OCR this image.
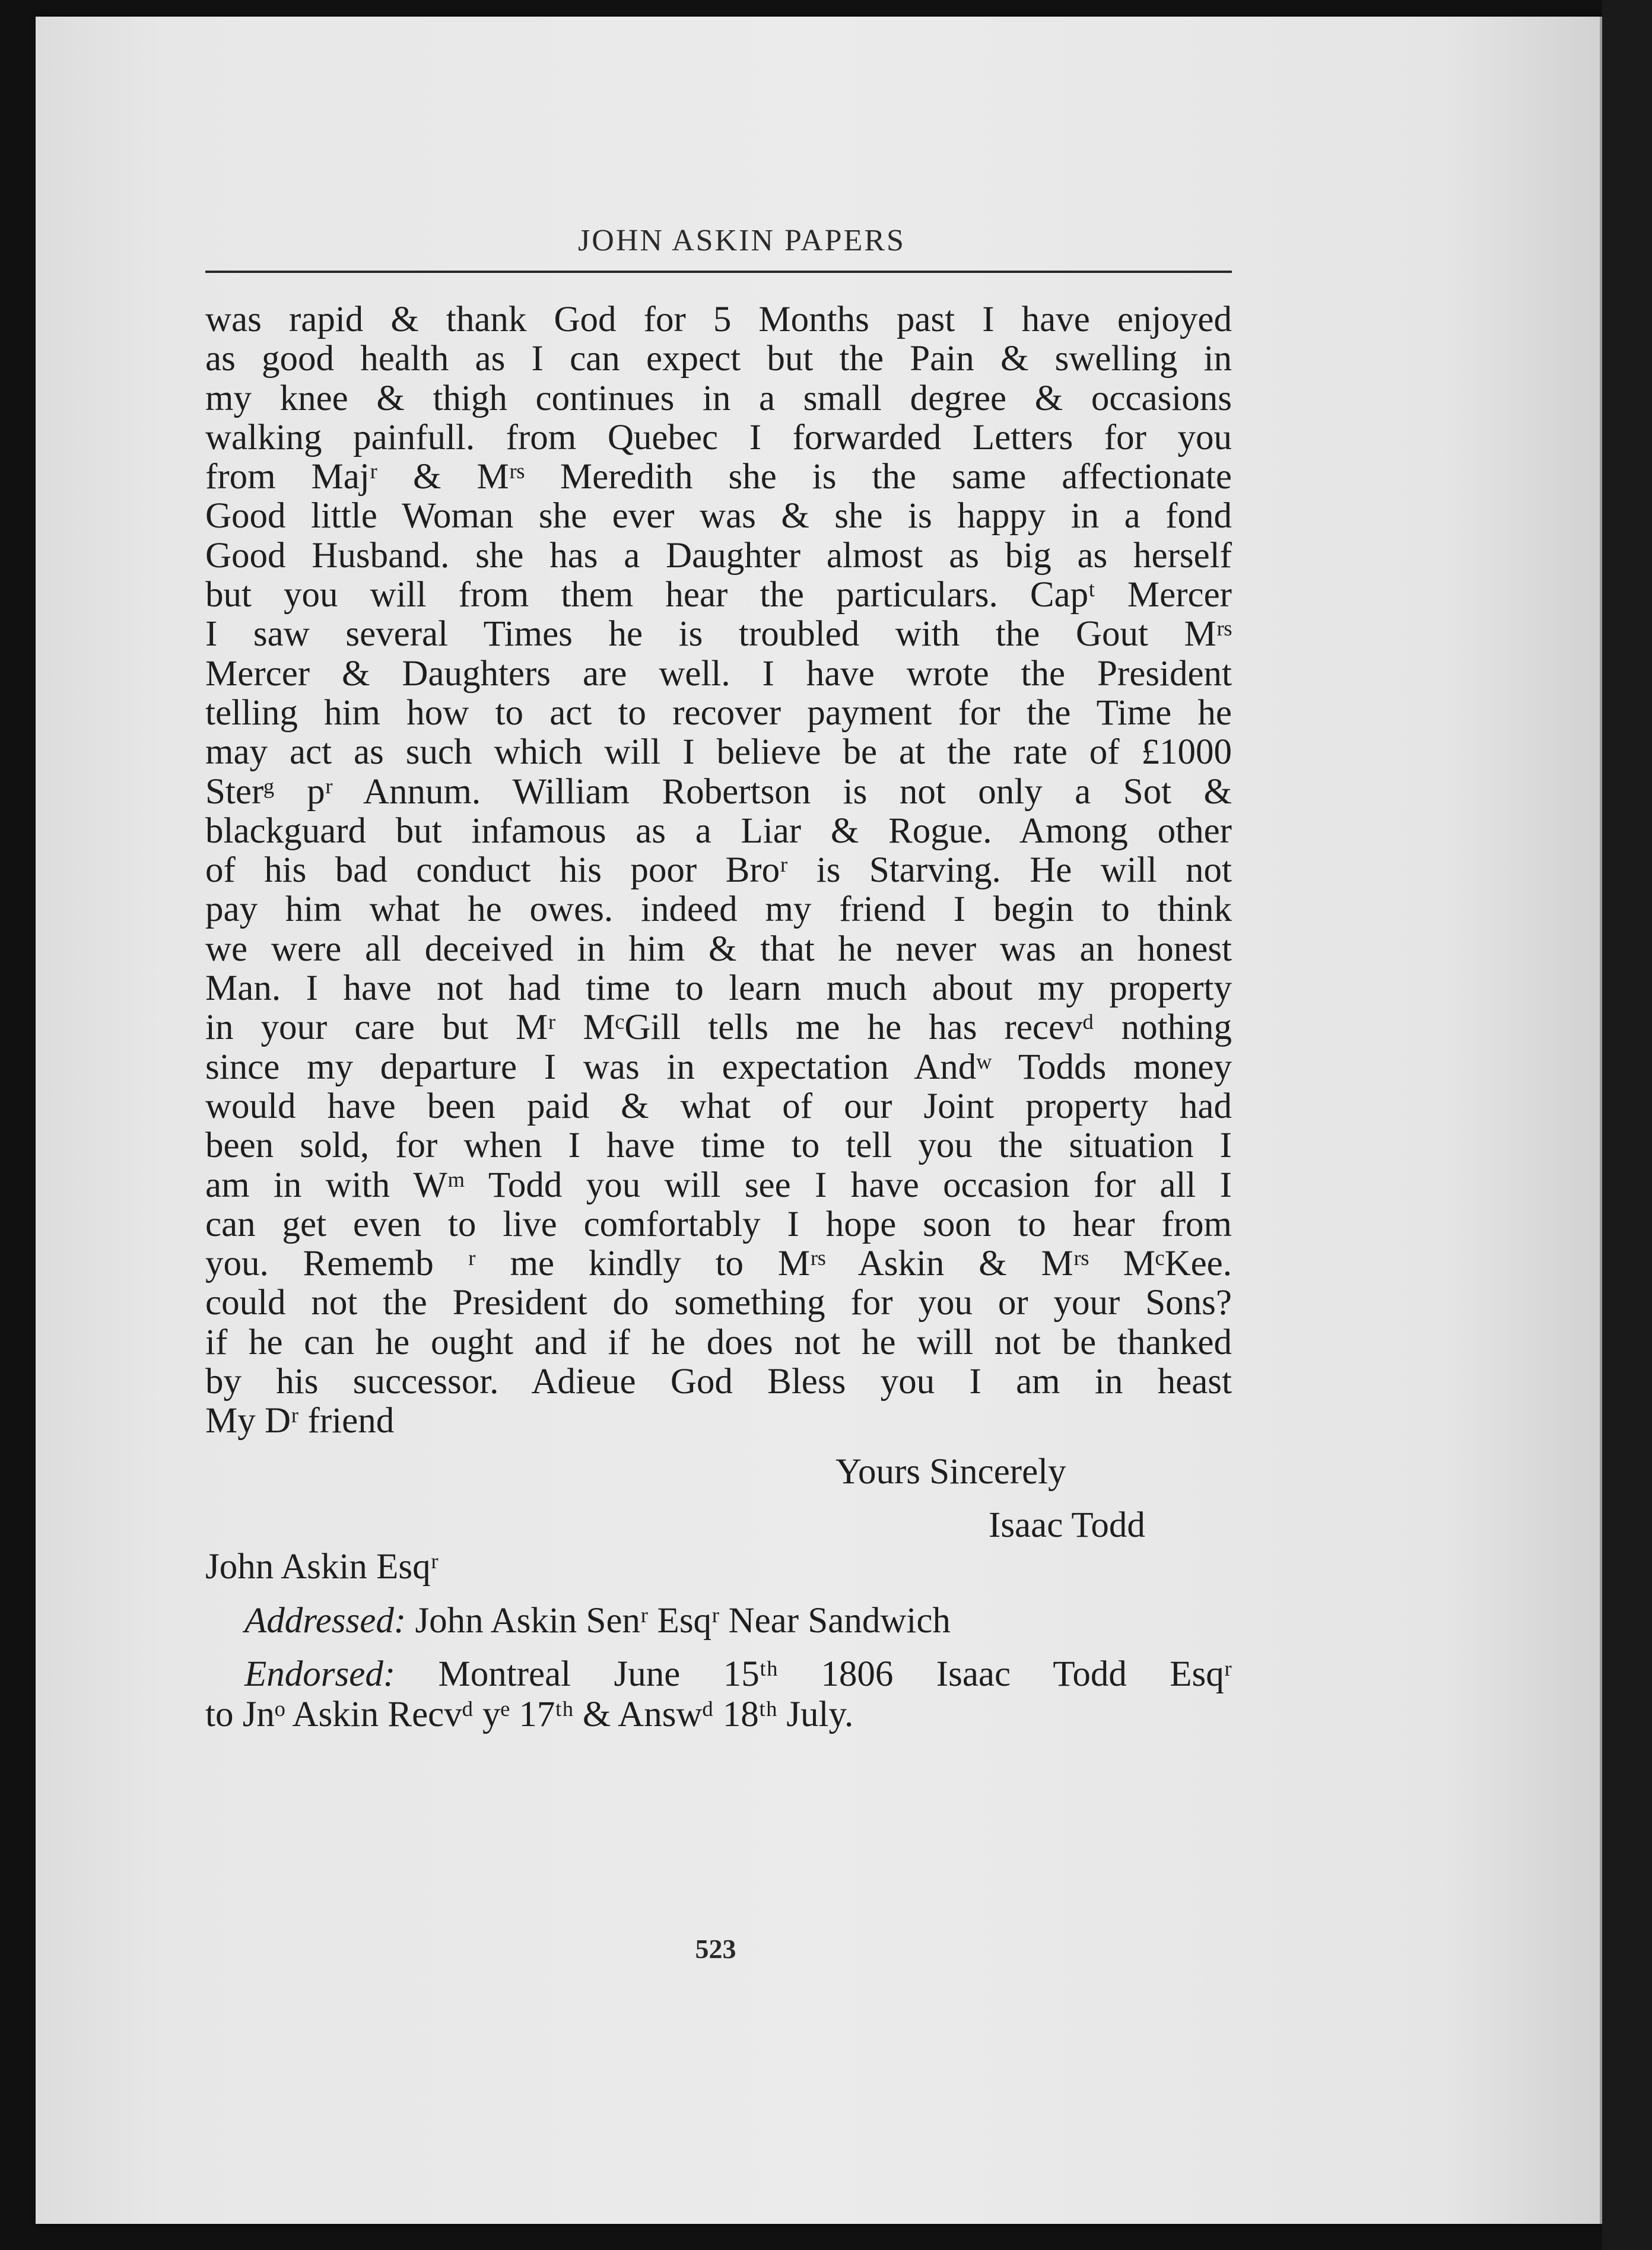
JOHN ASKIN PAPERS
was rapid & thank God for 5 Months past I have enjoyed
as good health as I can expect but the Pain & swelling in
my knee & thigh continues in a small degree & occasions
walking painfull. from Quebec I forwarded Letters for you
from Majʳ & Mʳˢ Meredith she is the same affectionate
Good little Woman she ever was & she is happy in a fond
Good Husband. she has a Daughter almost as big as herself
but you will from them hear the particulars. Capᵗ Mercer
I saw several Times he is troubled with the Gout Mʳˢ
Mercer & Daughters are well. I have wrote the President
telling him how to act to recover payment for the Time he
may act as such which will I believe be at the rate of £1000
Sterᵍ pʳ Annum. William Robertson is not only a Sot &
blackguard but infamous as a Liar & Rogue. Among other
of his bad conduct his poor Broʳ is Starving. He will not
pay him what he owes. indeed my friend I begin to think
we were all deceived in him & that he never was an honest
Man. I have not had time to learn much about my property
in your care but Mʳ MᶜGill tells me he has recevᵈ nothing
since my departure I was in expectation Andʷ Todds money
would have been paid & what of our Joint property had
been sold, for when I have time to tell you the situation I
am in with Wᵐ Todd you will see I have occasion for all I
can get even to live comfortably I hope soon to hear from
you. Rememb ʳ me kindly to Mʳˢ Askin & Mʳˢ MᶜKee.
could not the President do something for you or your Sons?
if he can he ought and if he does not he will not be thanked
by his successor. Adieue God Bless you I am in heast
My Dʳ friend
Yours Sincerely
Isaac Todd
John Askin Esqʳ
Addressed: John Askin Senʳ Esqʳ Near Sandwich
Endorsed: Montreal June 15ᵗʰ 1806 Isaac Todd Esqʳ
to Jnᵒ Askin Recvᵈ yᵉ 17ᵗʰ & Answᵈ 18ᵗʰ July.
523
